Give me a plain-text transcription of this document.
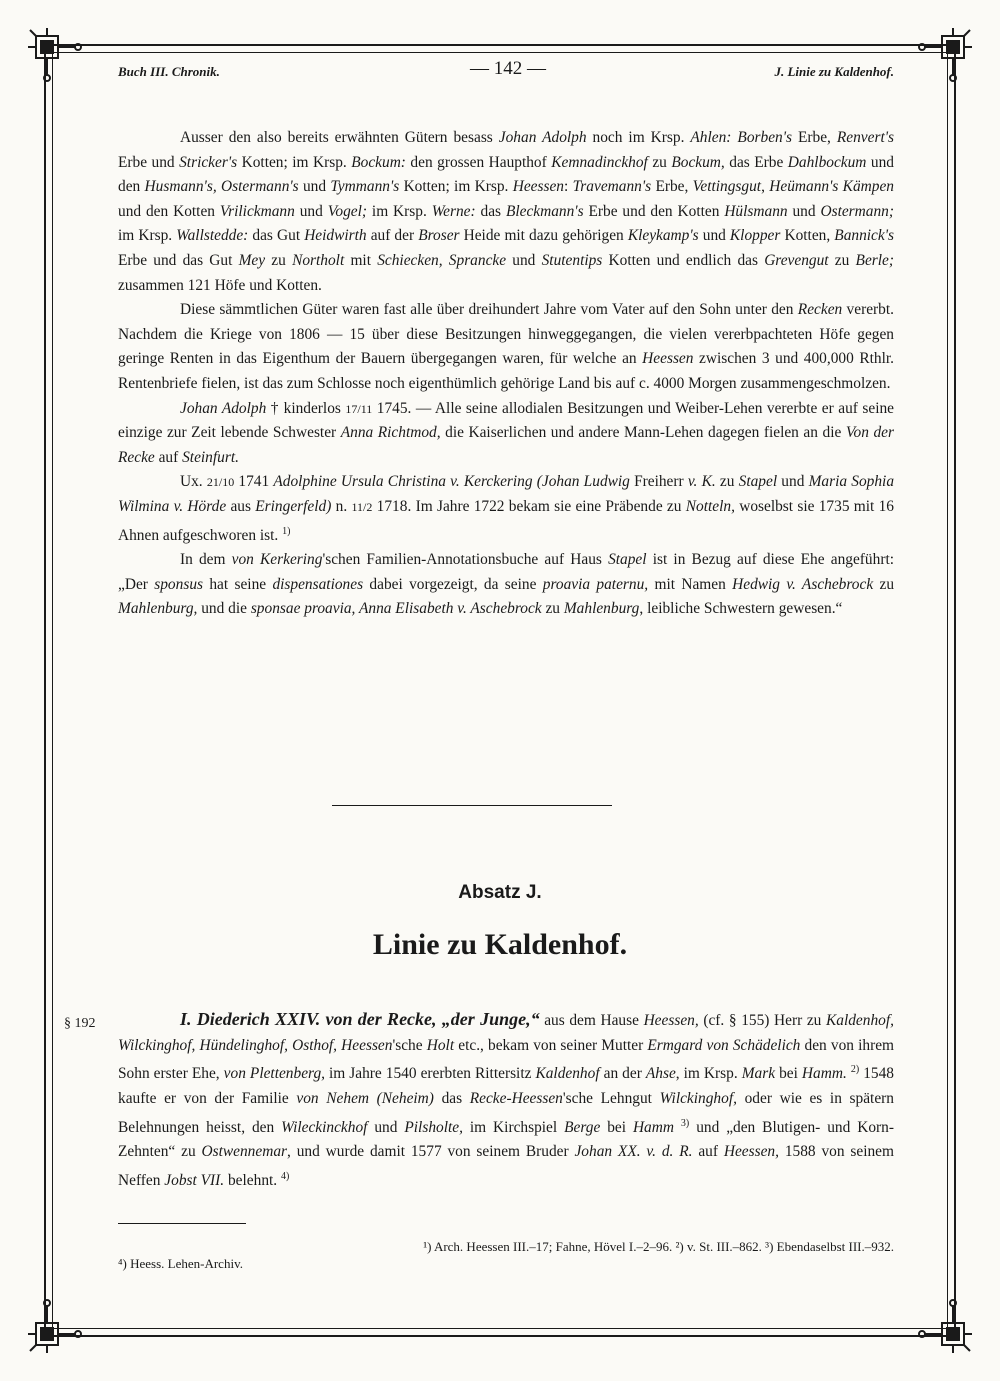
Buch III. Chronik.	— 142 —	J. Linie zu Kaldenhof.

Ausser den also bereits erwähnten Gütern besass Johan Adolph noch im Krsp. Ahlen: Borben's Erbe, Renvert's Erbe und Stricker's Kotten; im Krsp. Bockum: den grossen Haupthof Kemnadinckhof zu Bockum, das Erbe Dahlbockum und den Husmann's, Ostermann's und Tymmann's Kotten; im Krsp. Heessen: Travemann's Erbe, Vettingsgut, Heümann's Kämpen und den Kotten Vrilickmann und Vogel; im Krsp. Werne: das Bleckmann's Erbe und den Kotten Hülsmann und Ostermann; im Krsp. Wallstedde: das Gut Heidwirth auf der Broser Heide mit dazu gehörigen Kleykamp's und Klopper Kotten, Bannick's Erbe und das Gut Mey zu Northolt mit Schiecken, Sprancke und Stutentips Kotten und endlich das Grevengut zu Berle; zusammen 121 Höfe und Kotten.

Diese sämmtlichen Güter waren fast alle über dreihundert Jahre vom Vater auf den Sohn unter den Recken vererbt. Nachdem die Kriege von 1806 — 15 über diese Besitzungen hinweggegangen, die vielen vererbpachteten Höfe gegen geringe Renten in das Eigenthum der Bauern übergegangen waren, für welche an Heessen zwischen 3 und 400,000 Rthlr. Rentenbriefe fielen, ist das zum Schlosse noch eigenthümlich gehörige Land bis auf c. 4000 Morgen zusammengeschmolzen.

Johan Adolph † kinderlos 17/11 1745. — Alle seine allodialen Besitzungen und Weiber-Lehen vererbte er auf seine einzige zur Zeit lebende Schwester Anna Richtmod, die Kaiserlichen und andere Mann-Lehen dagegen fielen an die Von der Recke auf Steinfurt.

Ux. 21/10 1741 Adolphine Ursula Christina v. Kerckering (Johan Ludwig Freiherr v. K. zu Stapel und Maria Sophia Wilmina v. Hörde aus Eringerfeld) n. 11/2 1718. Im Jahre 1722 bekam sie eine Präbende zu Notteln, woselbst sie 1735 mit 16 Ahnen aufgeschworen ist. $^{1)}$

In dem von Kerkering'schen Familien-Annotationsbuche auf Haus Stapel ist in Bezug auf diese Ehe angeführt: „Der sponsus hat seine dispensationes dabei vorgezeigt, da seine proavia paternu, mit Namen Hedwig v. Aschebrock zu Mahlenburg, und die sponsae proavia, Anna Elisabeth v. Aschebrock zu Mahlenburg, leibliche Schwestern gewesen.“

Absatz J.
Linie zu Kaldenhof.
§ 192	I. Diederich XXIV. von der Recke, „der Junge,“ aus dem Hause Heessen, (cf. § 155) Herr zu Kaldenhof, Wilckinghof, Hündelinghof, Osthof, Heessen'sche Holt etc., bekam von seiner Mutter Ermgard von Schädelich den von ihrem Sohn erster Ehe, von Plettenberg, im Jahre 1540 ererbten Rittersitz Kaldenhof an der Ahse, im Krsp. Mark bei Hamm. $^{2)}$ 1548 kaufte er von der Familie von Nehem (Neheim) das Recke-Heessen'sche Lehngut Wilckinghof, oder wie es in spätern Belehnungen heisst, den Wileckinckhof und Pilsholte, im Kirchspiel Berge bei Hamm $^{3)}$ und „den Blutigen- und Korn-Zehnten“ zu Ostwennemar, und wurde damit 1577 von seinem Bruder Johan XX. v. d. R. auf Heessen, 1588 von seinem Neffen Jobst VII. belehnt. $^{4)}$

¹) Arch. Heessen III.–17; Fahne, Hövel I.–2–96. ²) v. St. III.–862. ³) Ebendaselbst III.–932.
⁴) Heess. Lehen-Archiv.
